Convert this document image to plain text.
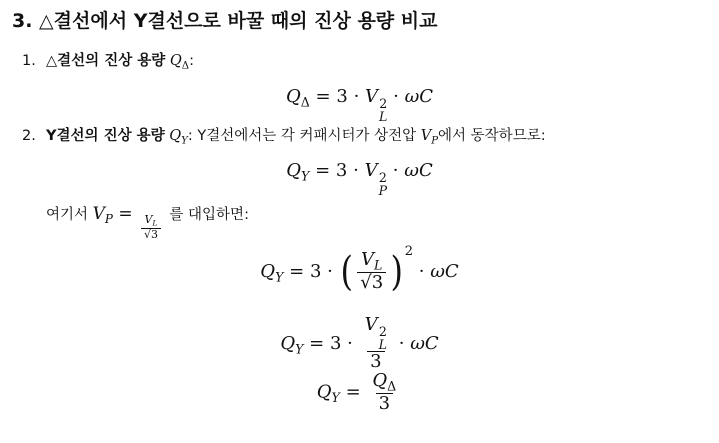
3. △결선에서 Y결선으로 바꿀 때의 진상 용량 비교
1. △결선의 진상 용량 $Q_\Delta$:
$Q_\Delta = 3 \cdot V$ 2
L
· ωC
2. Y결선의 진상 용량 $Q_Y$: Y결선에서는 각 커패시터가 상전압 $V_P$에서 동작하므로:
$Q_Y = 3 \cdot V$ 2
P
· ωC
여기서 $V_P = \frac{V_L}{√3}$ 를 대입하면:
$Q_Y = 3$ · ( $\frac{V_L}{√3}$ ) $^2$ · ωC
$Q_Y = 3 \cdot V$ 2
L
3 · ωC
$Q_Y = \frac{Q_\Delta}{3}$
